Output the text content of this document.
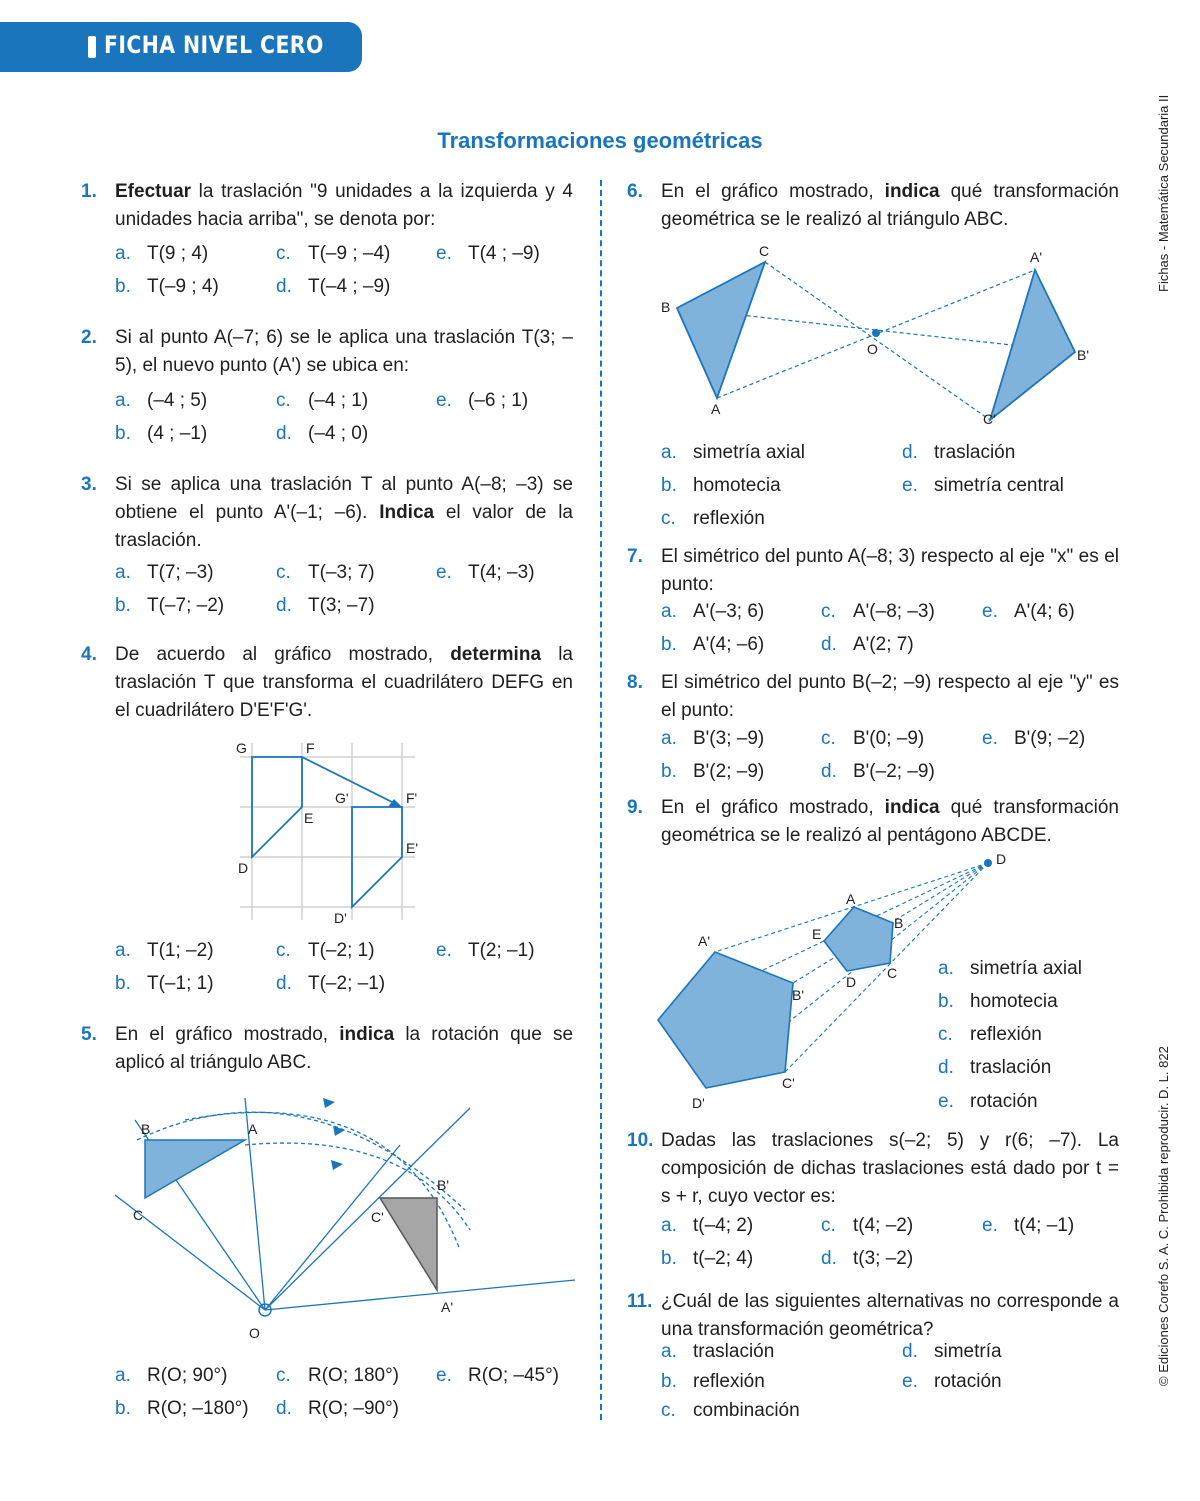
FICHA NIVEL CERO
Transformaciones geométricas	Fichas - Matemática Secundaria II
© Ediciones Corefo S. A. C. Prohibida reproducir. D. L. 822
1. Efectuar la traslación "9 unidades a la izquierda y 4 unidades hacia arriba", se denota por:
a. T(9 ; 4)	c. T(–9 ; –4) e. T(4 ; –9)
b. T(–9 ; 4)	d. T(–4 ; –9)
2. Si al punto A(–7; 6) se le aplica una traslación T(3; –5), el nuevo punto (A') se ubica en:
a. (–4 ; 5)	c. (–4 ; 1)	e. (–6 ; 1)
b. (4 ; –1)	d. (–4 ; 0)
3. Si se aplica una traslación T al punto A(–8; –3) se obtiene el punto A'(–1; –6). Indica el valor de la traslación.
a. T(7; –3)	c. T(–3; 7)	e. T(4; –3)
b. T(–7; –2)	d. T(3; –7)
4. De acuerdo al gráfico mostrado, determina la traslación T que transforma el cuadrilátero DEFG en el cuadrilátero D'E'F'G'.
G	F
G'	F'
E
E'
D
D'
a. T(1; –2)	c. T(–2; 1)	e. T(2; –1)
b. T(–1; 1)	d. T(–2; –1)
5. En el gráfico mostrado, indica la rotación que se aplicó al triángulo ABC.
B	A
C
B'
C'
A'
O
a. R(O; 90°)	c. R(O; 180°) e. R(O; –45°)
b. R(O; –180°) d. R(O; –90°)
6. En el gráfico mostrado, indica qué transformación geométrica se le realizó al triángulo ABC.
C	A'
B
O	B'
A
C'
a. simetría axial	d. traslación
b. homotecia	e. simetría central
c. reflexión
7. El simétrico del punto A(–8; 3) respecto al eje "x" es el punto:
a. A'(–3; 6)	c. A'(–8; –3) e. A'(4; 6)
b. A'(4; –6)	d. A'(2; 7)
8. El simétrico del punto B(–2; –9) respecto al eje "y" es el punto:
a. B'(3; –9)	c. B'(0; –9)	e. B'(9; –2)
b. B'(2; –9)	d. B'(–2; –9)
9. En el gráfico mostrado, indica qué transformación geométrica se le realizó al pentágono ABCDE.
D
A
E
B
A'
C
D
B'
C'
D'
a. simetría axial
b. homotecia
c. reflexión
d. traslación
e. rotación
10. Dadas las traslaciones s(–2; 5) y r(6; –7). La composición de dichas traslaciones está dado por t = s + r, cuyo vector es:
a. t(–4; 2)	c. t(4; –2)	e. t(4; –1)
b. t(–2; 4)	d. t(3; –2)
11. ¿Cuál de las siguientes alternativas no corresponde a una transformación geométrica?
a. traslación	d. simetría
b. reflexión	e. rotación
c. combinación
